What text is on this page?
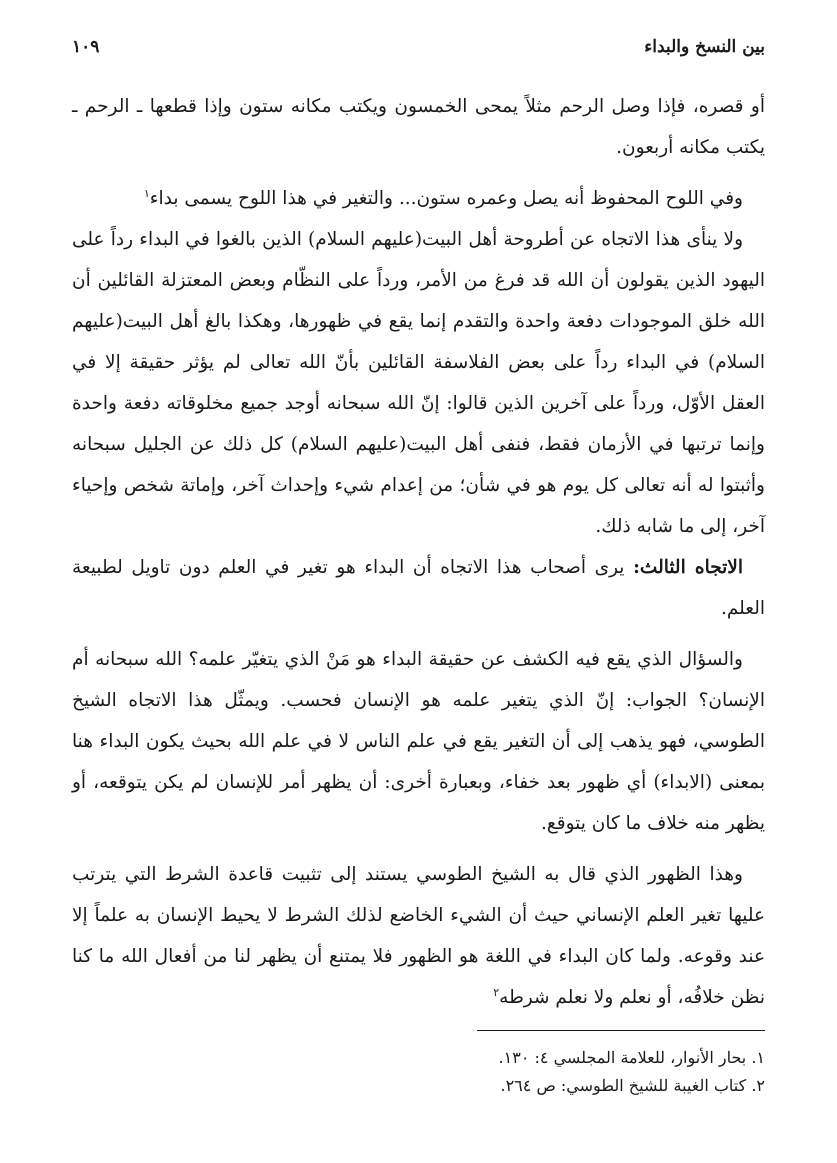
بين النسخ والبداء
١٠٩

أو قصره، فإذا وصل الرحم مثلاً يمحى الخمسون ويكتب مكانه ستون وإذا قطعها ـ الرحم ـ يكتب مكانه أربعون.

وفي اللوح المحفوظ أنه يصل وعمره ستون... والتغير في هذا اللوح يسمى بداء$^١$

ولا ينأى هذا الاتجاه عن أطروحة أهل البيت(عليهم السلام) الذين بالغوا في البداء رداً على اليهود الذين يقولون أن الله قد فرغ من الأمر، ورداً على النظّام وبعض المعتزلة القائلين أن الله خلق الموجودات دفعة واحدة والتقدم إنما يقع في ظهورها، وهكذا بالغ أهل البيت(عليهم السلام) في البداء رداً على بعض الفلاسفة القائلين بأنّ الله تعالى لم يؤثر حقيقة إلا في العقل الأوّل، ورداً على آخرين الذين قالوا: إنّ الله سبحانه أوجد جميع مخلوقاته دفعة واحدة وإنما ترتبها في الأزمان فقط، فنفى أهل البيت(عليهم السلام) كل ذلك عن الجليل سبحانه وأثبتوا له أنه تعالى كل يوم هو في شأن؛ من إعدام شيء وإحداث آخر، وإماتة شخص وإحياء آخر، إلى ما شابه ذلك.

الاتجاه الثالث: يرى أصحاب هذا الاتجاه أن البداء هو تغير في العلم دون تاويل لطبيعة العلم.

والسؤال الذي يقع فيه الكشف عن حقيقة البداء هو مَنْ الذي يتغيّر علمه؟ الله سبحانه أم الإنسان؟ الجواب: إنّ الذي يتغير علمه هو الإنسان فحسب. ويمثّل هذا الاتجاه الشيخ الطوسي، فهو يذهب إلى أن التغير يقع في علم الناس لا في علم الله بحيث يكون البداء هنا بمعنى (الابداء) أي ظهور بعد خفاء، وبعبارة أخرى: أن يظهر أمر للإنسان لم يكن يتوقعه، أو يظهر منه خلاف ما كان يتوقع.

وهذا الظهور الذي قال به الشيخ الطوسي يستند إلى تثبيت قاعدة الشرط التي يترتب عليها تغير العلم الإنساني حيث أن الشيء الخاضع لذلك الشرط لا يحيط الإنسان به علماً إلا عند وقوعه. ولما كان البداء في اللغة هو الظهور فلا يمتنع أن يظهر لنا من أفعال الله ما كنا نظن خلافُه، أو نعلم ولا نعلم شرطه$^٢$

١. بحار الأنوار، للعلامة المجلسي ٤: ١٣٠.

٢. كتاب الغيبة للشيخ الطوسي: ص ٢٦٤.
